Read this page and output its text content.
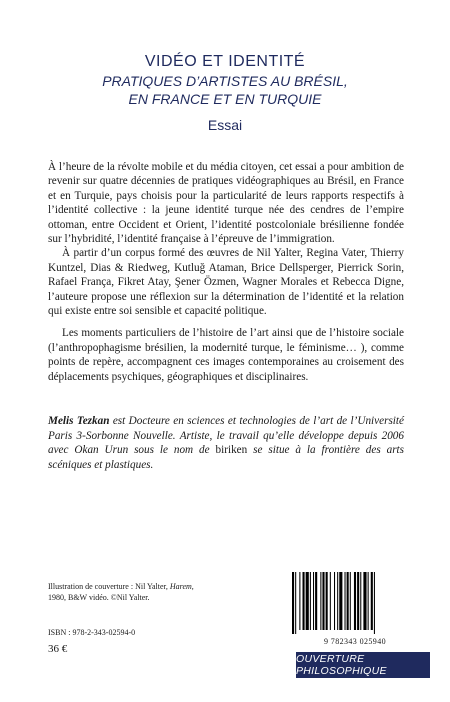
VIDÉO ET IDENTITÉ
PRATIQUES D’ARTISTES AU BRÉSIL,
EN FRANCE ET EN TURQUIE
Essai

À l’heure de la révolte mobile et du média citoyen, cet essai a pour ambition de revenir sur quatre décennies de pratiques vidéographiques au Brésil, en France et en Turquie, pays choisis pour la particularité de leurs rapports respectifs à l’identité collective : la jeune identité turque née des cendres de l’empire ottoman, entre Occident et Orient, l’identité postcoloniale brésilienne fondée sur l’hybridité, l’identité française à l’épreuve de l’immigration.

À partir d’un corpus formé des œuvres de Nil Yalter, Regina Vater, Thierry Kuntzel, Dias & Riedweg, Kutluğ Ataman, Brice Dellsperger, Pierrick Sorin, Rafael França, Fikret Atay, Şener Özmen, Wagner Morales et Rebecca Digne, l’auteure propose une réflexion sur la détermination de l’identité et la relation qui existe entre soi sensible et capacité politique.

Les moments particuliers de l’histoire de l’art ainsi que de l’histoire sociale (l’anthropophagisme brésilien, la modernité turque, le féminisme… ), comme points de repère, accompagnent ces images contemporaines au croisement des déplacements psychiques, géographiques et disciplinaires.

Melis Tezkan est Docteure en sciences et technologies de l’art de l’Université Paris 3-Sorbonne Nouvelle. Artiste, le travail qu’elle développe depuis 2006 avec Okan Urun sous le nom de biriken se situe à la frontière des arts scéniques et plastiques.
Illustration de couverture : Nil Yalter, Harem,
1980, B&W vidéo. ©Nil Yalter.
ISBN : 978-2-343-02594-0
36 €
9 782343 025940
OUVERTURE PHILOSOPHIQUE
